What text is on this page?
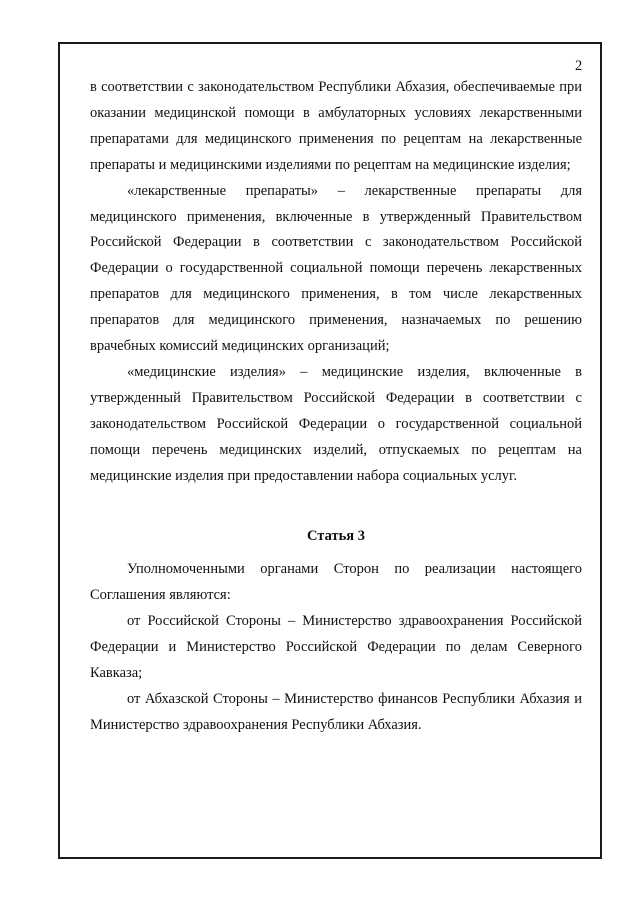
2

в соответствии с законодательством Республики Абхазия, обеспечиваемые при оказании медицинской помощи в амбулаторных условиях лекарственными препаратами для медицинского применения по рецептам на лекарственные препараты и медицинскими изделиями по рецептам на медицинские изделия;

«лекарственные препараты» – лекарственные препараты для медицинского применения, включенные в утвержденный Правительством Российской Федерации в соответствии с законодательством Российской Федерации о государственной социальной помощи перечень лекарственных препаратов для медицинского применения, в том числе лекарственных препаратов для медицинского применения, назначаемых по решению врачебных комиссий медицинских организаций;

«медицинские изделия» – медицинские изделия, включенные в утвержденный Правительством Российской Федерации в соответствии с законодательством Российской Федерации о государственной социальной помощи перечень медицинских изделий, отпускаемых по рецептам на медицинские изделия при предоставлении набора социальных услуг.

Статья 3

Уполномоченными органами Сторон по реализации настоящего Соглашения являются:

от Российской Стороны – Министерство здравоохранения Российской Федерации и Министерство Российской Федерации по делам Северного Кавказа;

от Абхазской Стороны – Министерство финансов Республики Абхазия и Министерство здравоохранения Республики Абхазия.
